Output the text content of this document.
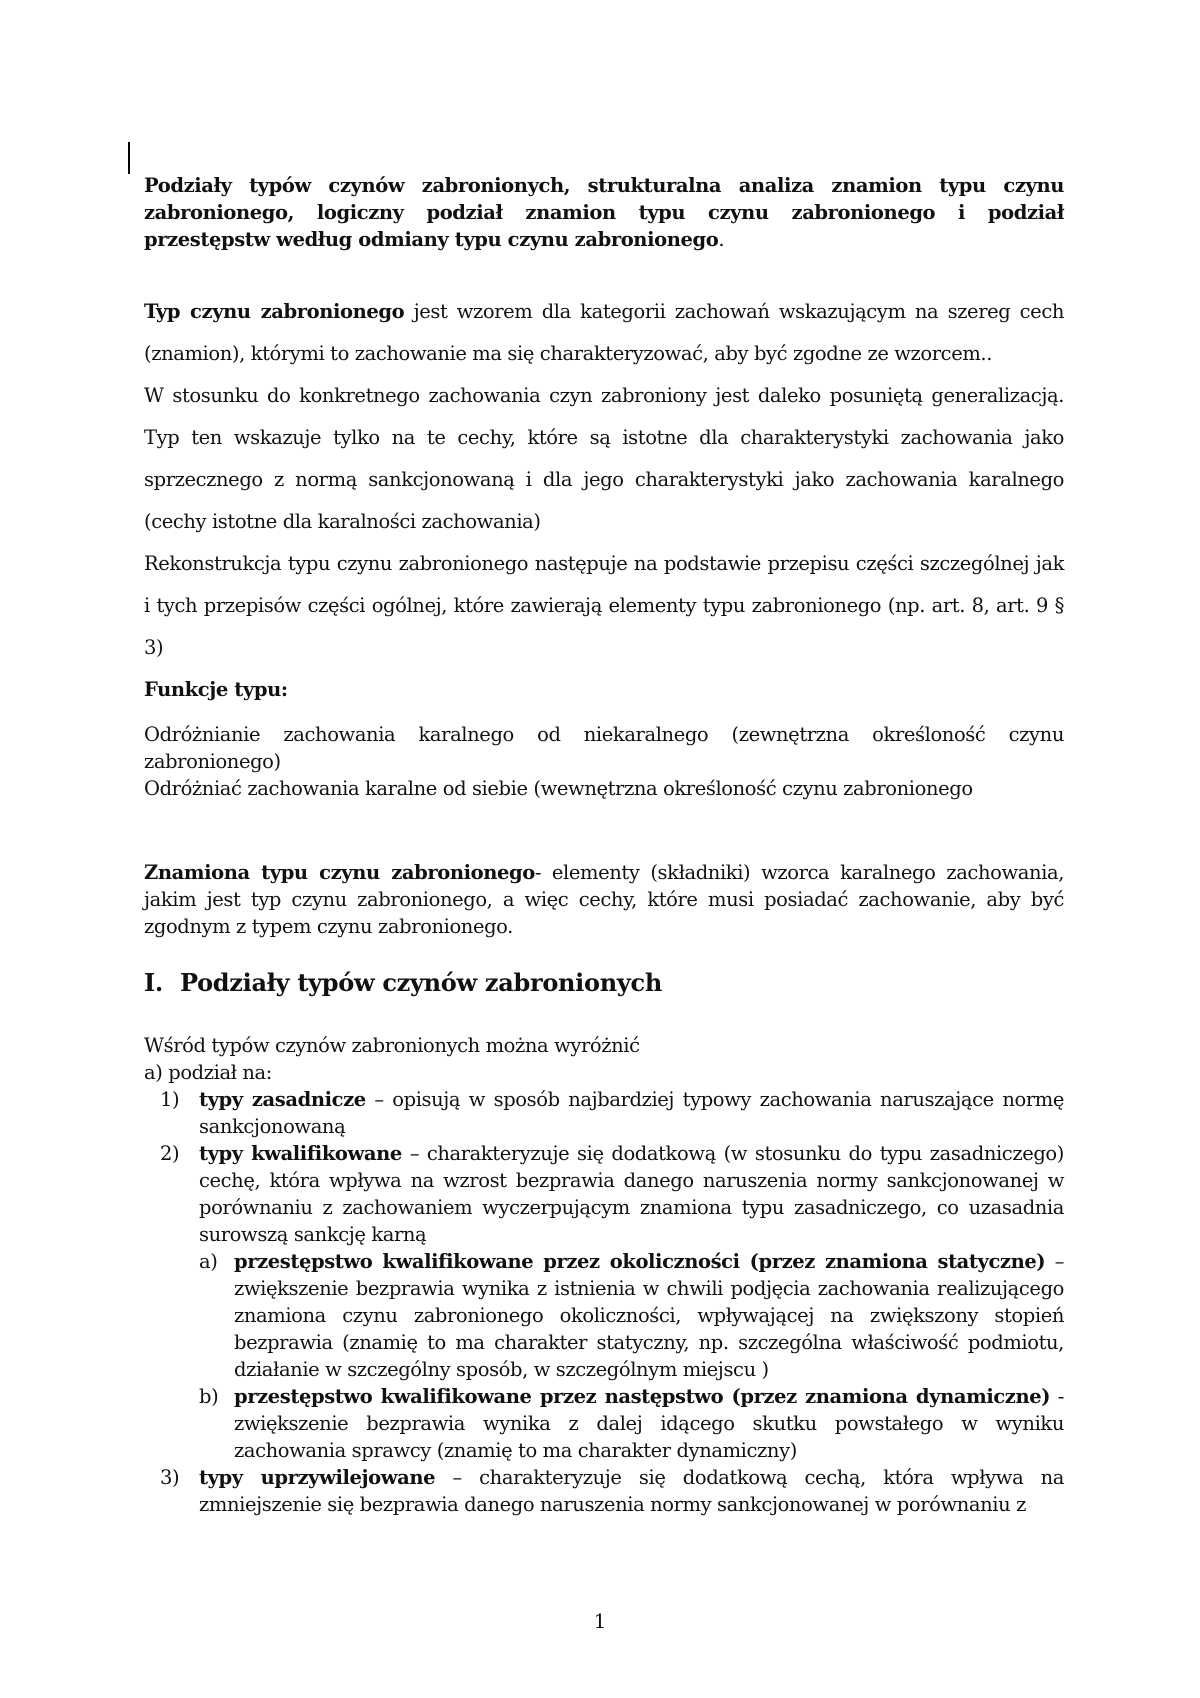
Podziały typów czynów zabronionych, strukturalna analiza znamion typu czynu zabronionego, logiczny podział znamion typu czynu zabronionego i podział przestępstw według odmiany typu czynu zabronionego.

Typ czynu zabronionego jest wzorem dla kategorii zachowań wskazującym na szereg cech (znamion), którymi to zachowanie ma się charakteryzować, aby być zgodne ze wzorcem..

W stosunku do konkretnego zachowania czyn zabroniony jest daleko posuniętą generalizacją. Typ ten wskazuje tylko na te cechy, które są istotne dla charakterystyki zachowania jako sprzecznego z normą sankcjonowaną i dla jego charakterystyki jako zachowania karalnego (cechy istotne dla karalności zachowania)

Rekonstrukcja typu czynu zabronionego następuje na podstawie przepisu części szczególnej jak i tych przepisów części ogólnej, które zawierają elementy typu zabronionego (np. art. 8, art. 9 § 3)

Funkcje typu:

Odróżnianie zachowania karalnego od niekaralnego (zewnętrzna określoność czynu zabronionego)

Odróżniać zachowania karalne od siebie (wewnętrzna określoność czynu zabronionego

Znamiona typu czynu zabronionego- elementy (składniki) wzorca karalnego zachowania, jakim jest typ czynu zabronionego, a więc cechy, które musi posiadać zachowanie, aby być zgodnym z typem czynu zabronionego.
I. Podziały typów czynów zabronionych

Wśród typów czynów zabronionych można wyróżnić

a) podział na:

1) typy zasadnicze – opisują w sposób najbardziej typowy zachowania naruszające normę sankcjonowaną
2) typy kwalifikowane – charakteryzuje się dodatkową (w stosunku do typu zasadniczego) cechę, która wpływa na wzrost bezprawia danego naruszenia normy sankcjonowanej w porównaniu z zachowaniem wyczerpującym znamiona typu zasadniczego, co uzasadnia surowszą sankcję karną
a) przestępstwo kwalifikowane przez okoliczności (przez znamiona statyczne) – zwiększenie bezprawia wynika z istnienia w chwili podjęcia zachowania realizującego znamiona czynu zabronionego okoliczności, wpływającej na zwiększony stopień bezprawia (znamię to ma charakter statyczny, np. szczególna właściwość podmiotu, działanie w szczególny sposób, w szczególnym miejscu )
b) przestępstwo kwalifikowane przez następstwo (przez znamiona dynamiczne) - zwiększenie bezprawia wynika z dalej idącego skutku powstałego w wyniku zachowania sprawcy (znamię to ma charakter dynamiczny)
3) typy uprzywilejowane – charakteryzuje się dodatkową cechą, która wpływa na zmniejszenie się bezprawia danego naruszenia normy sankcjonowanej w porównaniu z
1
